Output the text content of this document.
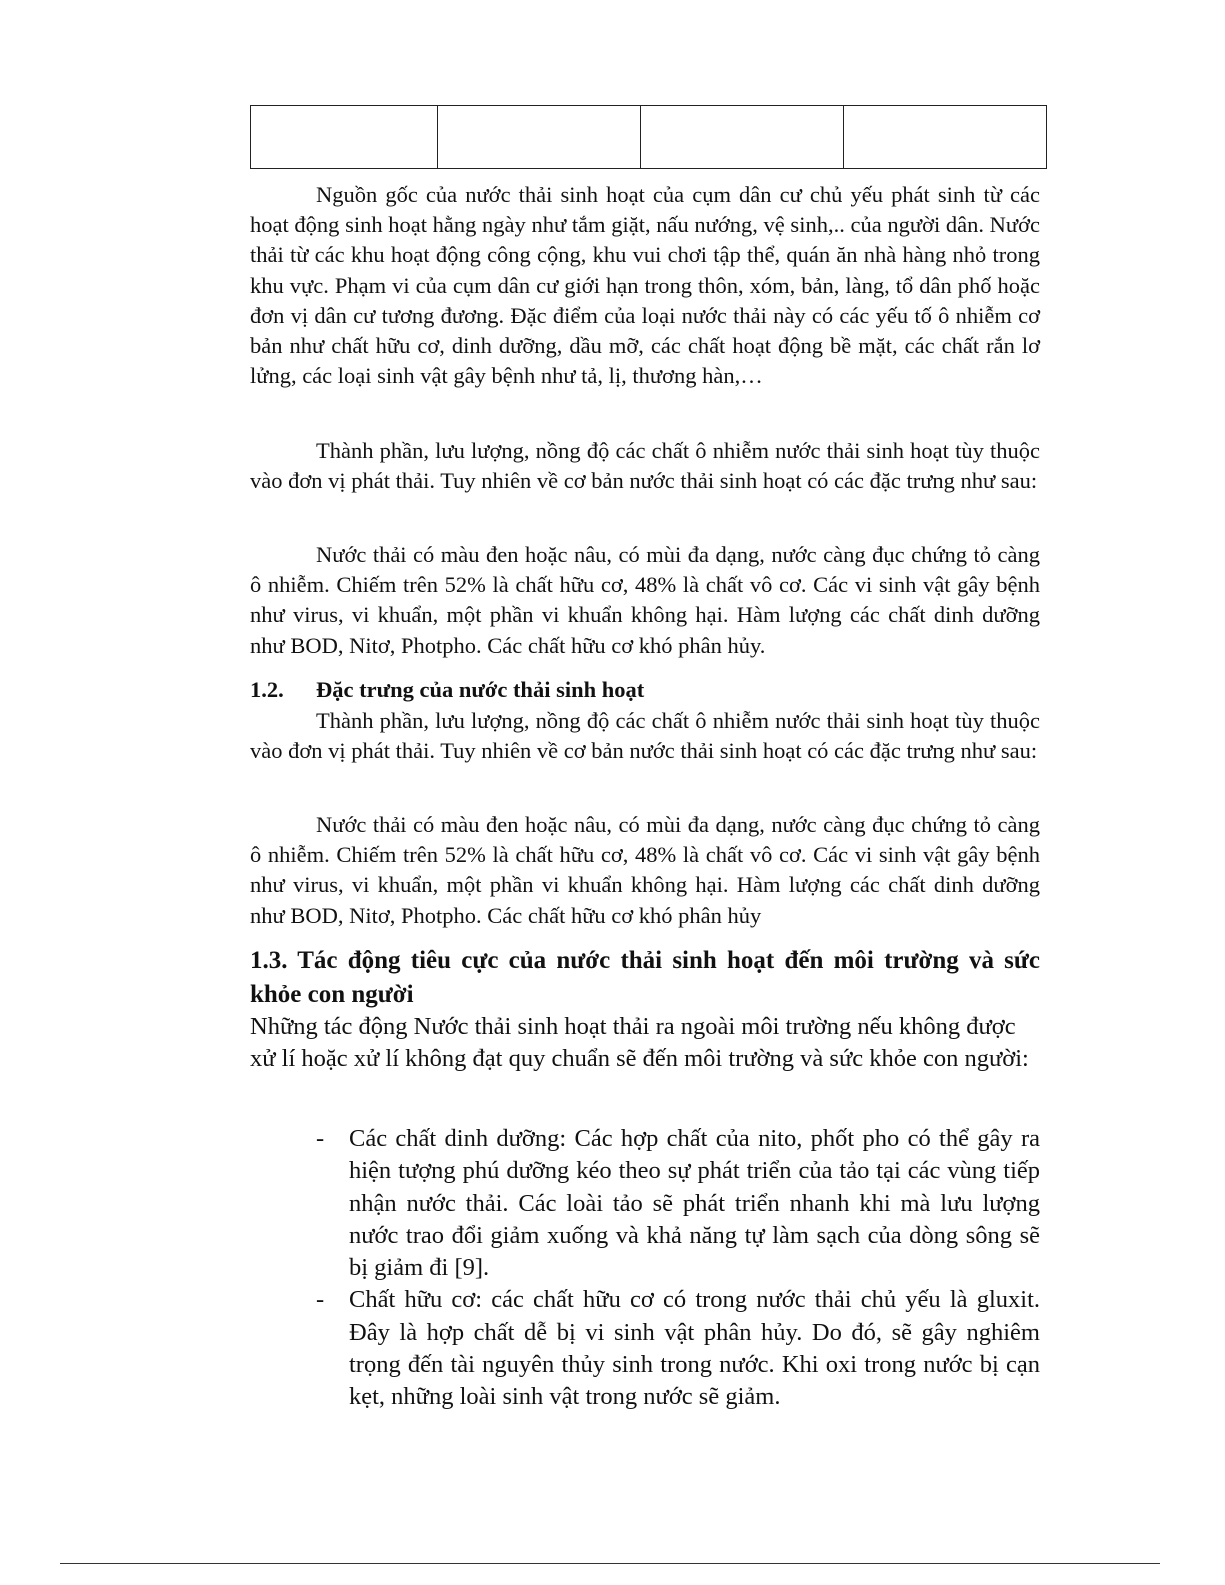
Nguồn gốc của nước thải sinh hoạt của cụm dân cư chủ yếu phát sinh từ các hoạt động sinh hoạt hằng ngày như tắm giặt, nấu nướng, vệ sinh,.. của người dân. Nước thải từ các khu hoạt động công cộng, khu vui chơi tập thể, quán ăn nhà hàng nhỏ trong khu vực. Phạm vi của cụm dân cư giới hạn trong thôn, xóm, bản, làng, tổ dân phố hoặc đơn vị dân cư tương đương. Đặc điểm của loại nước thải này có các yếu tố ô nhiễm cơ bản như chất hữu cơ, dinh dưỡng, dầu mỡ, các chất hoạt động bề mặt, các chất rắn lơ lửng, các loại sinh vật gây bệnh như tả, lị, thương hàn,…

Thành phần, lưu lượng, nồng độ các chất ô nhiễm nước thải sinh hoạt tùy thuộc vào đơn vị phát thải. Tuy nhiên về cơ bản nước thải sinh hoạt có các đặc trưng như sau:

Nước thải có màu đen hoặc nâu, có mùi đa dạng, nước càng đục chứng tỏ càng ô nhiễm. Chiếm trên 52% là chất hữu cơ, 48% là chất vô cơ. Các vi sinh vật gây bệnh như virus, vi khuẩn, một phần vi khuẩn không hại. Hàm lượng các chất dinh dưỡng như BOD, Nitơ, Photpho. Các chất hữu cơ khó phân hủy.

1.2. Đặc trưng của nước thải sinh hoạt

Thành phần, lưu lượng, nồng độ các chất ô nhiễm nước thải sinh hoạt tùy thuộc vào đơn vị phát thải. Tuy nhiên về cơ bản nước thải sinh hoạt có các đặc trưng như sau:

Nước thải có màu đen hoặc nâu, có mùi đa dạng, nước càng đục chứng tỏ càng ô nhiễm. Chiếm trên 52% là chất hữu cơ, 48% là chất vô cơ. Các vi sinh vật gây bệnh như virus, vi khuẩn, một phần vi khuẩn không hại. Hàm lượng các chất dinh dưỡng như BOD, Nitơ, Photpho. Các chất hữu cơ khó phân hủy

1.3. Tác động tiêu cực của nước thải sinh hoạt đến môi trường và sức khỏe con người

Những tác động Nước thải sinh hoạt thải ra ngoài môi trường nếu không được xử lí hoặc xử lí không đạt quy chuẩn sẽ đến môi trường và sức khỏe con người:

- Các chất dinh dưỡng: Các hợp chất của nito, phốt pho có thể gây ra hiện tượng phú dưỡng kéo theo sự phát triển của tảo tại các vùng tiếp nhận nước thải. Các loài tảo sẽ phát triển nhanh khi mà lưu lượng nước trao đổi giảm xuống và khả năng tự làm sạch của dòng sông sẽ bị giảm đi [9].
- Chất hữu cơ: các chất hữu cơ có trong nước thải chủ yếu là gluxit. Đây là hợp chất dễ bị vi sinh vật phân hủy. Do đó, sẽ gây nghiêm trọng đến tài nguyên thủy sinh trong nước. Khi oxi trong nước bị cạn kẹt, những loài sinh vật trong nước sẽ giảm.
